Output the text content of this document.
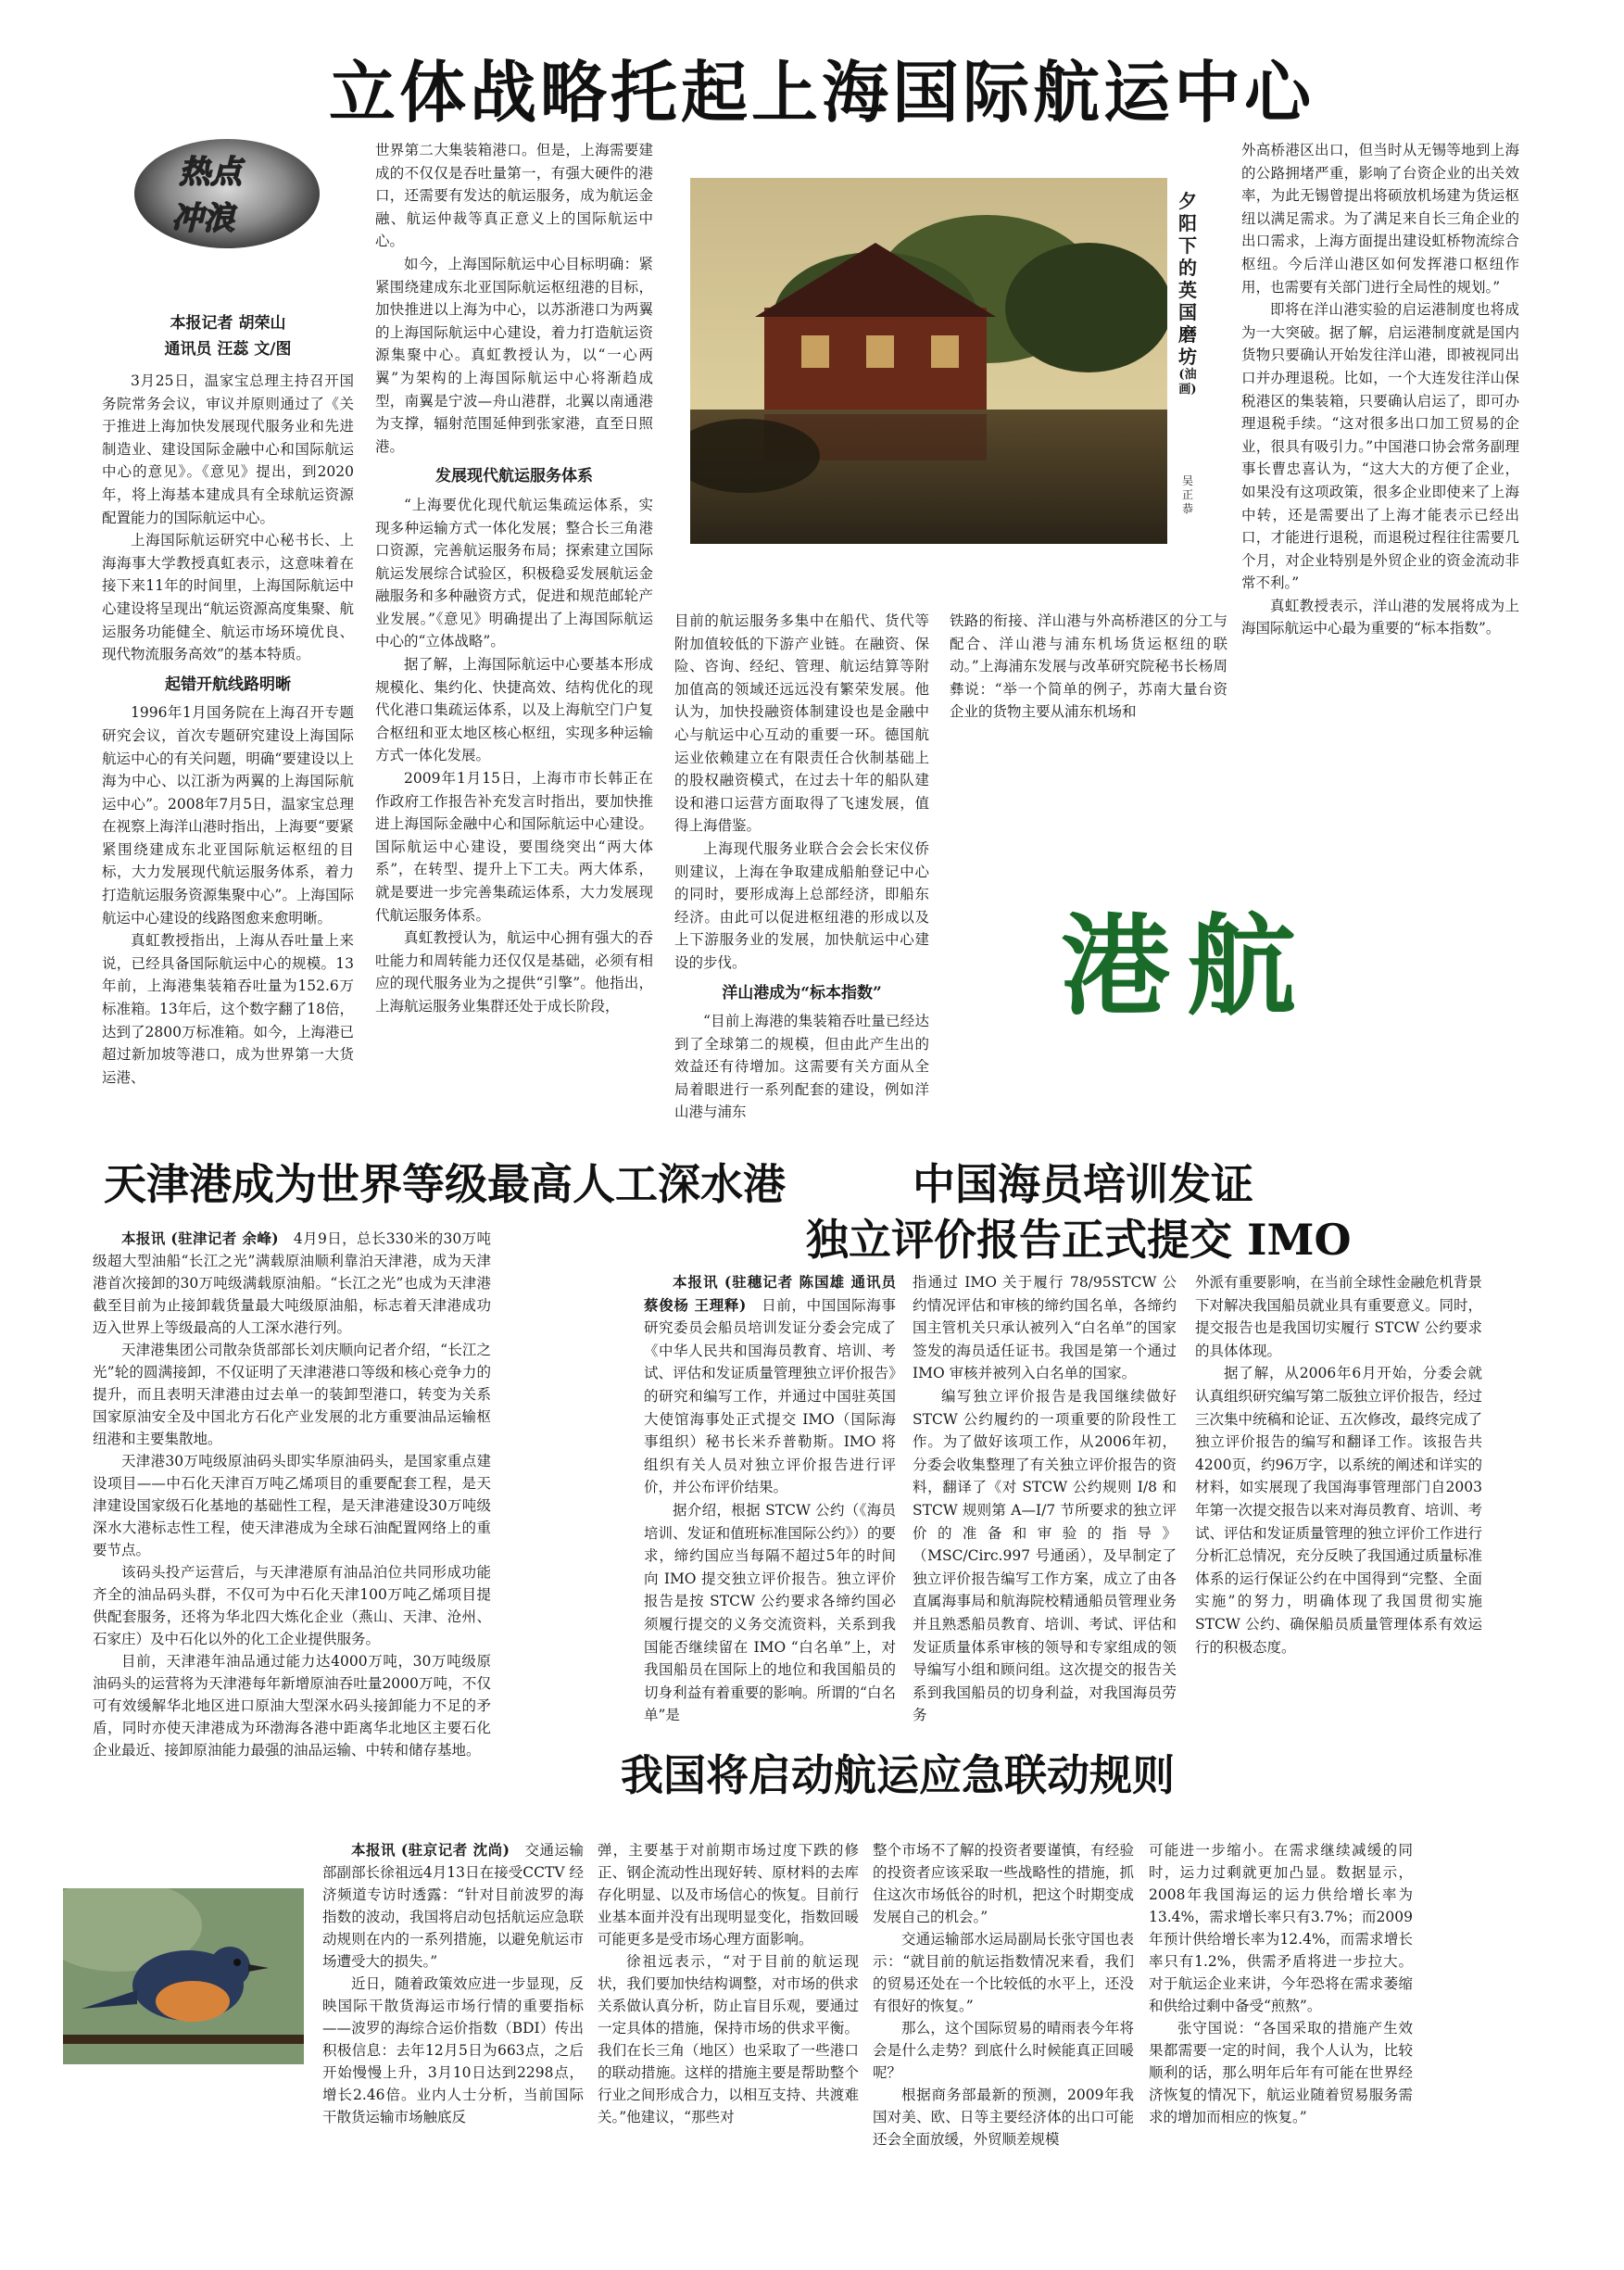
立体战略托起上海国际航运中心
热点
冲浪

本报记者 胡荣山

通讯员 汪蕊 文/图

3月25日，温家宝总理主持召开国务院常务会议，审议并原则通过了《关于推进上海加快发展现代服务业和先进制造业、建设国际金融中心和国际航运中心的意见》。《意见》提出，到2020年，将上海基本建成具有全球航运资源配置能力的国际航运中心。

上海国际航运研究中心秘书长、上海海事大学教授真虹表示，这意味着在接下来11年的时间里，上海国际航运中心建设将呈现出“航运资源高度集聚、航运服务功能健全、航运市场环境优良、现代物流服务高效”的基本特质。

起错开航线路明晰

1996年1月国务院在上海召开专题研究会议，首次专题研究建设上海国际航运中心的有关问题，明确“要建设以上海为中心、以江浙为两翼的上海国际航运中心”。2008年7月5日，温家宝总理在视察上海洋山港时指出，上海要“要紧紧围绕建成东北亚国际航运枢纽的目标，大力发展现代航运服务体系，着力打造航运服务资源集聚中心”。上海国际航运中心建设的线路图愈来愈明晰。

真虹教授指出，上海从吞吐量上来说，已经具备国际航运中心的规模。13年前，上海港集装箱吞吐量为152.6万标准箱。13年后，这个数字翻了18倍，达到了2800万标准箱。如今，上海港已超过新加坡等港口，成为世界第一大货运港、

世界第二大集装箱港口。但是，上海需要建成的不仅仅是吞吐量第一，有强大硬件的港口，还需要有发达的航运服务，成为航运金融、航运仲裁等真正意义上的国际航运中心。

如今，上海国际航运中心目标明确：紧紧围绕建成东北亚国际航运枢纽港的目标，加快推进以上海为中心，以苏浙港口为两翼的上海国际航运中心建设，着力打造航运资源集聚中心。真虹教授认为，以“一心两翼”为架构的上海国际航运中心将渐趋成型，南翼是宁波—舟山港群，北翼以南通港为支撑，辐射范围延伸到张家港，直至日照港。

发展现代航运服务体系

“上海要优化现代航运集疏运体系，实现多种运输方式一体化发展；整合长三角港口资源，完善航运服务布局；探索建立国际航运发展综合试验区，积极稳妥发展航运金融服务和多种融资方式，促进和规范邮轮产业发展。”《意见》明确提出了上海国际航运中心的“立体战略”。

据了解，上海国际航运中心要基本形成规模化、集约化、快捷高效、结构优化的现代化港口集疏运体系，以及上海航空门户复合枢纽和亚太地区核心枢纽，实现多种运输方式一体化发展。

2009年1月15日，上海市市长韩正在作政府工作报告补充发言时指出，要加快推进上海国际金融中心和国际航运中心建设。国际航运中心建设，要围绕突出“两大体系”，在转型、提升上下工夫。两大体系，就是要进一步完善集疏运体系，大力发展现代航运服务体系。

真虹教授认为，航运中心拥有强大的吞吐能力和周转能力还仅仅是基础，必须有相应的现代服务业为之提供“引擎”。他指出，上海航运服务业集群还处于成长阶段，

夕阳下的英国磨坊
(油画)
吴正恭

目前的航运服务多集中在船代、货代等附加值较低的下游产业链。在融资、保险、咨询、经纪、管理、航运结算等附加值高的领域还远远没有繁荣发展。他认为，加快投融资体制建设也是金融中心与航运中心互动的重要一环。德国航运业依赖建立在有限责任合伙制基础上的股权融资模式，在过去十年的船队建设和港口运营方面取得了飞速发展，值得上海借鉴。

上海现代服务业联合会会长宋仪侨则建议，上海在争取建成船舶登记中心的同时，要形成海上总部经济，即船东经济。由此可以促进枢纽港的形成以及上下游服务业的发展，加快航运中心建设的步伐。

洋山港成为“标本指数”

“目前上海港的集装箱吞吐量已经达到了全球第二的规模，但由此产生出的效益还有待增加。这需要有关方面从全局着眼进行一系列配套的建设，例如洋山港与浦东

铁路的衔接、洋山港与外高桥港区的分工与配合、洋山港与浦东机场货运枢纽的联动。”上海浦东发展与改革研究院秘书长杨周彝说：“举一个简单的例子，苏南大量台资企业的货物主要从浦东机场和

外高桥港区出口，但当时从无锡等地到上海的公路拥堵严重，影响了台资企业的出关效率，为此无锡曾提出将硕放机场建为货运枢纽以满足需求。为了满足来自长三角企业的出口需求，上海方面提出建设虹桥物流综合枢纽。今后洋山港区如何发挥港口枢纽作用，也需要有关部门进行全局性的规划。”

即将在洋山港实验的启运港制度也将成为一大突破。据了解，启运港制度就是国内货物只要确认开始发往洋山港，即被视同出口并办理退税。比如，一个大连发往洋山保税港区的集装箱，只要确认启运了，即可办理退税手续。“这对很多出口加工贸易的企业，很具有吸引力。”中国港口协会常务副理事长曹忠喜认为，“这大大的方便了企业，如果没有这项政策，很多企业即使来了上海中转，还是需要出了上海才能表示已经出口，才能进行退税，而退税过程往往需要几个月，对企业特别是外贸企业的资金流动非常不利。”

真虹教授表示，洋山港的发展将成为上海国际航运中心最为重要的“标本指数”。

港航
天津港成为世界等级最高人工深水港

本报讯 (驻津记者 余峰)　 4月9日，总长330米的30万吨级超大型油船“长江之光”满载原油顺利靠泊天津港，成为天津港首次接卸的30万吨级满载原油船。“长江之光”也成为天津港截至目前为止接卸载货量最大吨级原油船，标志着天津港成功迈入世界上等级最高的人工深水港行列。

天津港集团公司散杂货部部长刘庆顺向记者介绍，“长江之光”轮的圆满接卸，不仅证明了天津港港口等级和核心竞争力的提升，而且表明天津港由过去单一的装卸型港口，转变为关系国家原油安全及中国北方石化产业发展的北方重要油品运输枢纽港和主要集散地。

天津港30万吨级原油码头即实华原油码头，是国家重点建设项目——中石化天津百万吨乙烯项目的重要配套工程，是天津建设国家级石化基地的基础性工程，是天津港建设30万吨级深水大港标志性工程，使天津港成为全球石油配置网络上的重要节点。

该码头投产运营后，与天津港原有油品泊位共同形成功能齐全的油品码头群，不仅可为中石化天津100万吨乙烯项目提供配套服务，还将为华北四大炼化企业（燕山、天津、沧州、石家庄）及中石化以外的化工企业提供服务。

目前，天津港年油品通过能力达4000万吨，30万吨级原油码头的运营将为天津港每年新增原油吞吐量2000万吨，不仅可有效缓解华北地区进口原油大型深水码头接卸能力不足的矛盾，同时亦使天津港成为环渤海各港中距离华北地区主要石化企业最近、接卸原油能力最强的油品运输、中转和储存基地。

中国海员培训发证
独立评价报告正式提交 IMO

本报讯 (驻穗记者 陈国雄 通讯员 蔡俊杨 王理释)　 日前，中国国际海事研究委员会船员培训发证分委会完成了《中华人民共和国海员教育、培训、考试、评估和发证质量管理独立评价报告》的研究和编写工作，并通过中国驻英国大使馆海事处正式提交 IMO（国际海事组织）秘书长米乔普勒斯。IMO 将组织有关人员对独立评价报告进行评价，并公布评价结果。

据介绍，根据 STCW 公约（《海员培训、发证和值班标准国际公约》）的要求，缔约国应当每隔不超过5年的时间向 IMO 提交独立评价报告。独立评价报告是按 STCW 公约要求各缔约国必须履行提交的义务交流资料，关系到我国能否继续留在 IMO “白名单”上，对我国船员在国际上的地位和我国船员的切身利益有着重要的影响。所谓的“白名单”是

指通过 IMO 关于履行 78/95STCW 公约情况评估和审核的缔约国名单，各缔约国主管机关只承认被列入“白名单”的国家签发的海员适任证书。我国是第一个通过 IMO 审核并被列入白名单的国家。

编写独立评价报告是我国继续做好 STCW 公约履约的一项重要的阶段性工作。为了做好该项工作，从2006年初，分委会收集整理了有关独立评价报告的资料，翻译了《对 STCW 公约规则 I/8 和 STCW 规则第 A—I/7 节所要求的独立评价的准备和审验的指导》（MSC/Circ.997 号通函），及早制定了独立评价报告编写工作方案，成立了由各直属海事局和航海院校精通船员管理业务并且熟悉船员教育、培训、考试、评估和发证质量体系审核的领导和专家组成的领导编写小组和顾问组。这次提交的报告关系到我国船员的切身利益，对我国海员劳务

外派有重要影响，在当前全球性金融危机背景下对解决我国船员就业具有重要意义。同时，提交报告也是我国切实履行 STCW 公约要求的具体体现。

据了解，从2006年6月开始，分委会就认真组织研究编写第二版独立评价报告，经过三次集中统稿和论证、五次修改，最终完成了独立评价报告的编写和翻译工作。该报告共4200页，约96万字，以系统的阐述和详实的材料，如实展现了我国海事管理部门自2003年第一次提交报告以来对海员教育、培训、考试、评估和发证质量管理的独立评价工作进行分析汇总情况，充分反映了我国通过质量标准体系的运行保证公约在中国得到“完整、全面实施”的努力，明确体现了我国贯彻实施 STCW 公约、确保船员质量管理体系有效运行的积极态度。

我国将启动航运应急联动规则

本报讯 (驻京记者 沈尚)　 交通运输部副部长徐祖远4月13日在接受CCTV 经济频道专访时透露：“针对目前波罗的海指数的波动，我国将启动包括航运应急联动规则在内的一系列措施，以避免航运市场遭受大的损失。”

近日，随着政策效应进一步显现，反映国际干散货海运市场行情的重要指标——波罗的海综合运价指数（BDI）传出积极信息：去年12月5日为663点，之后开始慢慢上升，3月10日达到2298点，增长2.46倍。业内人士分析，当前国际干散货运输市场触底反

弹，主要基于对前期市场过度下跌的修正、钢企流动性出现好转、原材料的去库存化明显、以及市场信心的恢复。目前行业基本面并没有出现明显变化，指数回暖可能更多是受市场心理方面影响。

徐祖远表示，“对于目前的航运现状，我们要加快结构调整，对市场的供求关系做认真分析，防止盲目乐观，要通过一定具体的措施，保持市场的供求平衡。我们在长三角（地区）也采取了一些港口的联动措施。这样的措施主要是帮助整个行业之间形成合力，以相互支持、共渡难关。”他建议，“那些对

整个市场不了解的投资者要谨慎，有经验的投资者应该采取一些战略性的措施，抓住这次市场低谷的时机，把这个时期变成发展自己的机会。”

交通运输部水运局副局长张守国也表示：“就目前的航运指数情况来看，我们的贸易还处在一个比较低的水平上，还没有很好的恢复。”

那么，这个国际贸易的晴雨表今年将会是什么走势？到底什么时候能真正回暖呢？

根据商务部最新的预测，2009年我国对美、欧、日等主要经济体的出口可能还会全面放缓，外贸顺差规模

可能进一步缩小。在需求继续减缓的同时，运力过剩就更加凸显。数据显示，2008年我国海运的运力供给增长率为13.4%，需求增长率只有3.7%；而2009年预计供给增长率为12.4%，而需求增长率只有1.2%，供需矛盾将进一步拉大。对于航运企业来讲，今年恐将在需求萎缩和供给过剩中备受“煎熬”。

张守国说：“各国采取的措施产生效果都需要一定的时间，我个人认为，比较顺利的话，那么明年后年有可能在世界经济恢复的情况下，航运业随着贸易服务需求的增加而相应的恢复。”
